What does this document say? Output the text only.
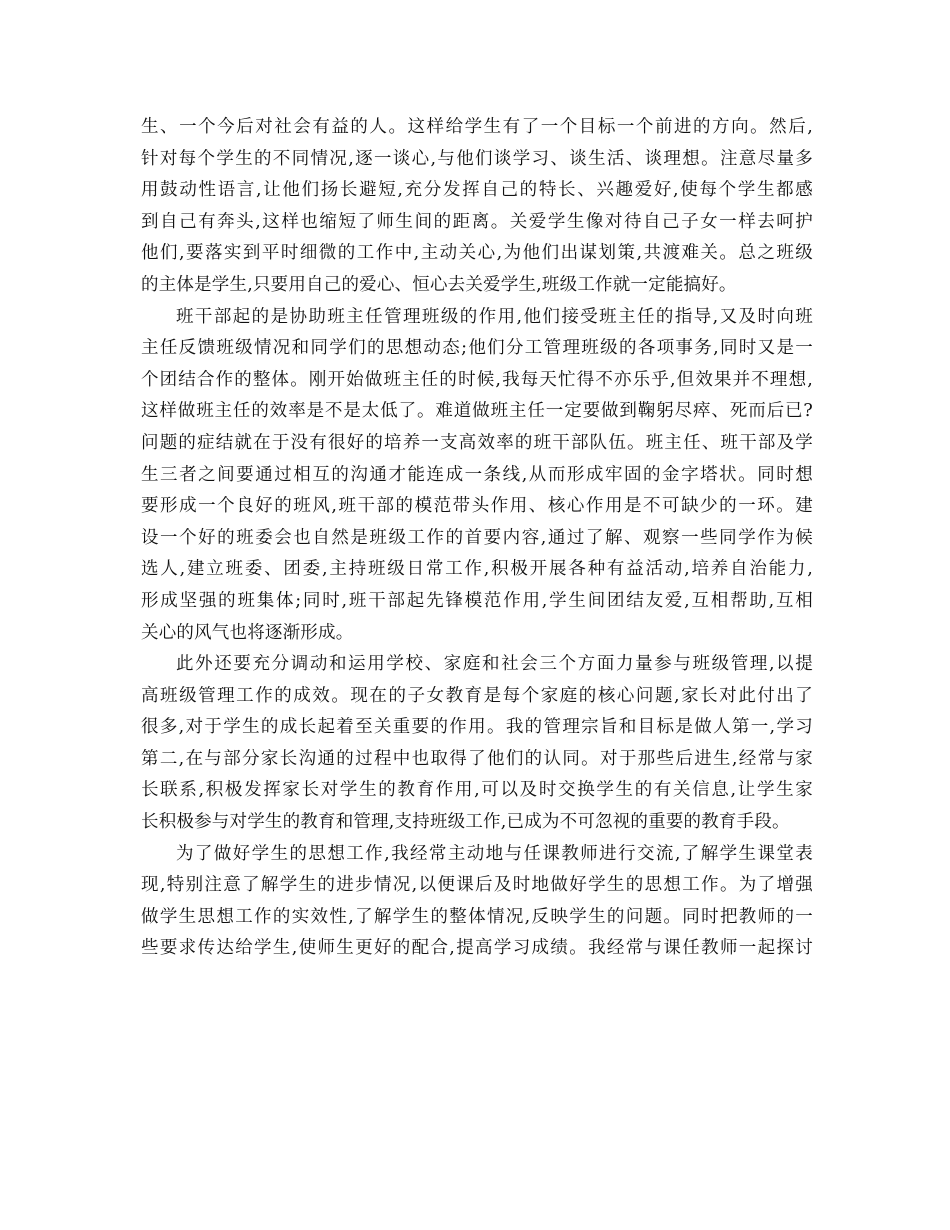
生、一个今后对社会有益的人。这样给学生有了一个目标一个前进的方向。然后,
针对每个学生的不同情况,逐一谈心,与他们谈学习、谈生活、谈理想。注意尽量多
用鼓动性语言,让他们扬长避短,充分发挥自己的特长、兴趣爱好,使每个学生都感
到自己有奔头,这样也缩短了师生间的距离。关爱学生像对待自己子女一样去呵护
他们,要落实到平时细微的工作中,主动关心,为他们出谋划策,共渡难关。总之班级
的主体是学生,只要用自己的爱心、恒心去关爱学生,班级工作就一定能搞好。
班干部起的是协助班主任管理班级的作用,他们接受班主任的指导,又及时向班
主任反馈班级情况和同学们的思想动态;他们分工管理班级的各项事务,同时又是一
个团结合作的整体。刚开始做班主任的时候,我每天忙得不亦乐乎,但效果并不理想,
这样做班主任的效率是不是太低了。难道做班主任一定要做到鞠躬尽瘁、死而后已?
问题的症结就在于没有很好的培养一支高效率的班干部队伍。班主任、班干部及学
生三者之间要通过相互的沟通才能连成一条线,从而形成牢固的金字塔状。同时想
要形成一个良好的班风,班干部的模范带头作用、核心作用是不可缺少的一环。建
设一个好的班委会也自然是班级工作的首要内容,通过了解、观察一些同学作为候
选人,建立班委、团委,主持班级日常工作,积极开展各种有益活动,培养自治能力,
形成坚强的班集体;同时,班干部起先锋模范作用,学生间团结友爱,互相帮助,互相
关心的风气也将逐渐形成。
此外还要充分调动和运用学校、家庭和社会三个方面力量参与班级管理,以提
高班级管理工作的成效。现在的子女教育是每个家庭的核心问题,家长对此付出了
很多,对于学生的成长起着至关重要的作用。我的管理宗旨和目标是做人第一,学习
第二,在与部分家长沟通的过程中也取得了他们的认同。对于那些后进生,经常与家
长联系,积极发挥家长对学生的教育作用,可以及时交换学生的有关信息,让学生家
长积极参与对学生的教育和管理,支持班级工作,已成为不可忽视的重要的教育手段。
为了做好学生的思想工作,我经常主动地与任课教师进行交流,了解学生课堂表
现,特别注意了解学生的进步情况,以便课后及时地做好学生的思想工作。为了增强
做学生思想工作的实效性,了解学生的整体情况,反映学生的问题。同时把教师的一
些要求传达给学生,使师生更好的配合,提高学习成绩。我经常与课任教师一起探讨
